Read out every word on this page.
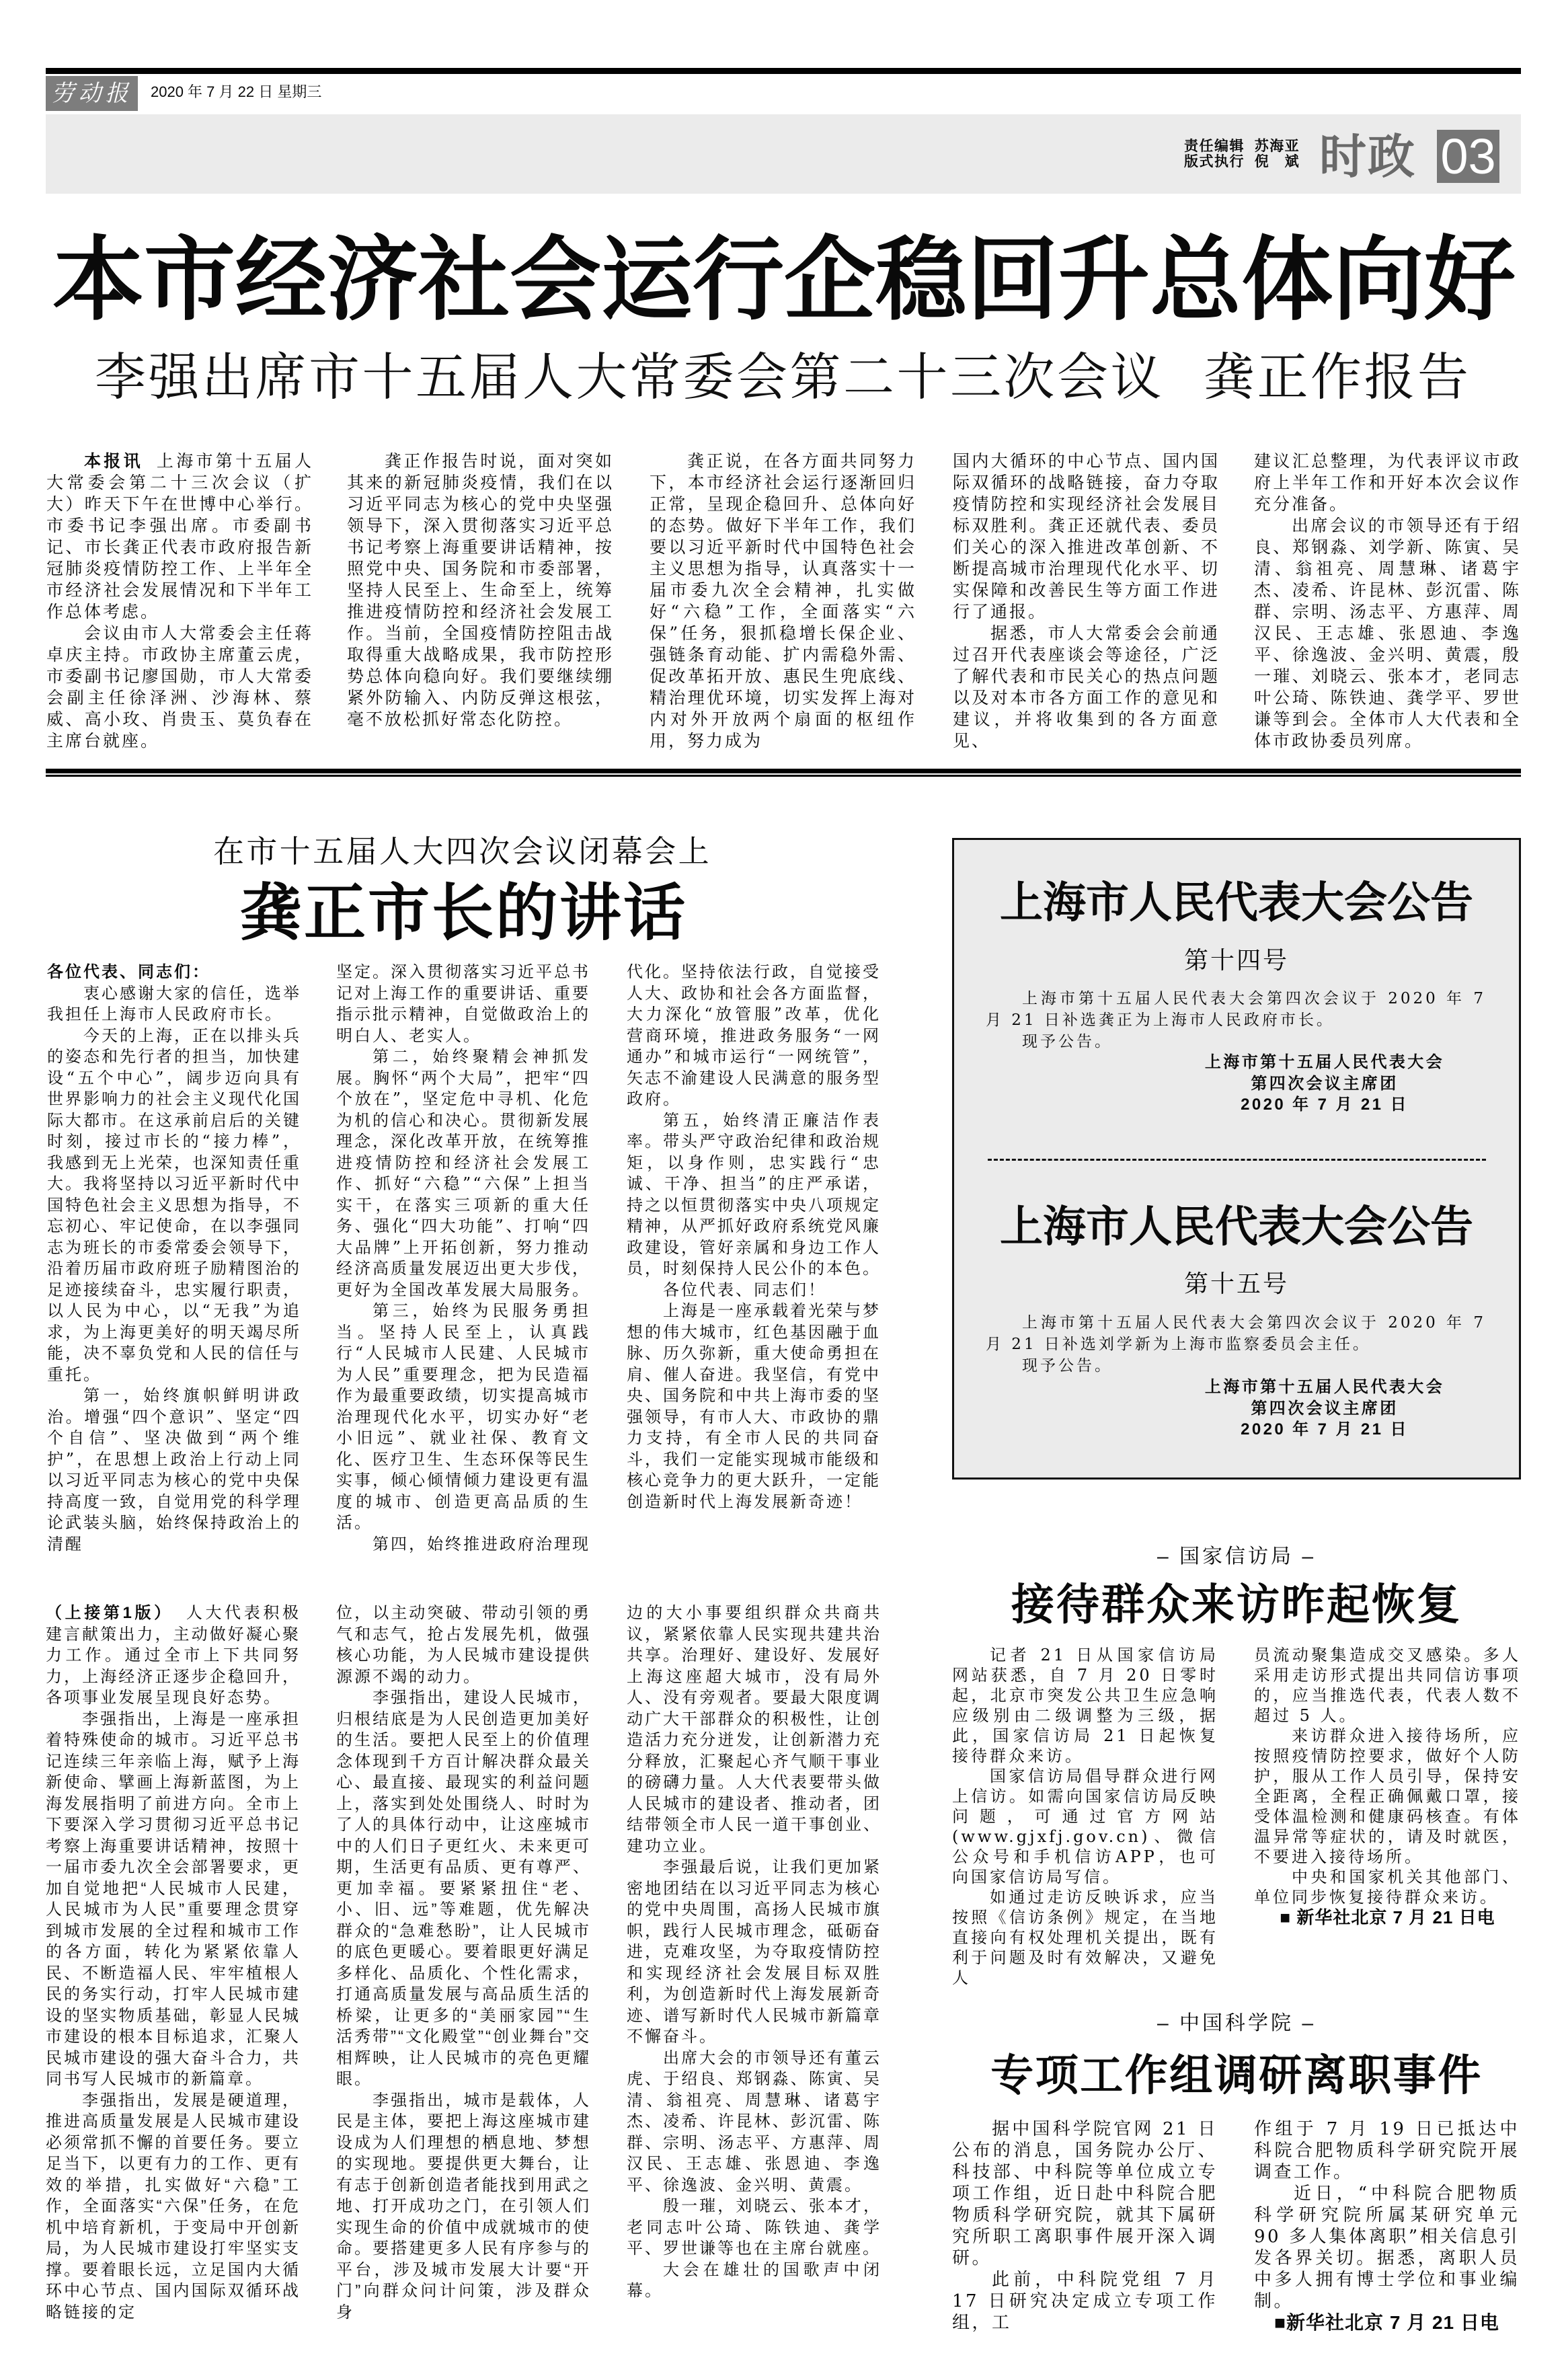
劳动报	2020 年 7 月 22 日 星期三
责任编辑 苏海亚
版式执行 倪　斌 时政 03
本市经济社会运行企稳回升总体向好
李强出席市十五届人大常委会第二十三次会议 龚正作报告

本报讯 上海市第十五届人大常委会第二十三次会议（扩大）昨天下午在世博中心举行。市委书记李强出席。市委副书记、市长龚正代表市政府报告新冠肺炎疫情防控工作、上半年全市经济社会发展情况和下半年工作总体考虑。

会议由市人大常委会主任蒋卓庆主持。市政协主席董云虎，市委副书记廖国勋，市人大常委会副主任徐泽洲、沙海林、蔡威、高小玫、肖贵玉、莫负春在主席台就座。

龚正作报告时说，面对突如其来的新冠肺炎疫情，我们在以习近平同志为核心的党中央坚强领导下，深入贯彻落实习近平总书记考察上海重要讲话精神，按照党中央、国务院和市委部署，坚持人民至上、生命至上，统筹推进疫情防控和经济社会发展工作。当前，全国疫情防控阻击战取得重大战略成果，我市防控形势总体向稳向好。我们要继续绷紧外防输入、内防反弹这根弦，毫不放松抓好常态化防控。

龚正说，在各方面共同努力下，本市经济社会运行逐渐回归正常，呈现企稳回升、总体向好的态势。做好下半年工作，我们要以习近平新时代中国特色社会主义思想为指导，认真落实十一届市委九次全会精神，扎实做好“六稳”工作，全面落实“六保”任务，狠抓稳增长保企业、强链条育动能、扩内需稳外需、促改革拓开放、惠民生兜底线、精治理优环境，切实发挥上海对内对外开放两个扇面的枢纽作用，努力成为

国内大循环的中心节点、国内国际双循环的战略链接，奋力夺取疫情防控和实现经济社会发展目标双胜利。龚正还就代表、委员们关心的深入推进改革创新、不断提高城市治理现代化水平、切实保障和改善民生等方面工作进行了通报。

据悉，市人大常委会会前通过召开代表座谈会等途径，广泛了解代表和市民关心的热点问题以及对本市各方面工作的意见和建议，并将收集到的各方面意见、

建议汇总整理，为代表评议市政府上半年工作和开好本次会议作充分准备。

出席会议的市领导还有于绍良、郑钢淼、刘学新、陈寅、吴清、翁祖亮、周慧琳、诸葛宇杰、凌希、许昆林、彭沉雷、陈群、宗明、汤志平、方惠萍、周汉民、王志雄、张恩迪、李逸平、徐逸波、金兴明、黄震，殷一璀、刘晓云、张本才，老同志叶公琦、陈铁迪、龚学平、罗世谦等到会。全体市人大代表和全体市政协委员列席。

在市十五届人大四次会议闭幕会上
龚正市长的讲话

各位代表、同志们：

衷心感谢大家的信任，选举我担任上海市人民政府市长。

今天的上海，正在以排头兵的姿态和先行者的担当，加快建设“五个中心”，阔步迈向具有世界影响力的社会主义现代化国际大都市。在这承前启后的关键时刻，接过市长的“接力棒”，我感到无上光荣，也深知责任重大。我将坚持以习近平新时代中国特色社会主义思想为指导，不忘初心、牢记使命，在以李强同志为班长的市委常委会领导下，沿着历届市政府班子励精图治的足迹接续奋斗，忠实履行职责，以人民为中心，以“无我”为追求，为上海更美好的明天竭尽所能，决不辜负党和人民的信任与重托。

第一，始终旗帜鲜明讲政治。增强“四个意识”、坚定“四个自信”、坚决做到“两个维护”，在思想上政治上行动上同以习近平同志为核心的党中央保持高度一致，自觉用党的科学理论武装头脑，始终保持政治上的清醒

坚定。深入贯彻落实习近平总书记对上海工作的重要讲话、重要指示批示精神，自觉做政治上的明白人、老实人。

第二，始终聚精会神抓发展。胸怀“两个大局”，把牢“四个放在”，坚定危中寻机、化危为机的信心和决心。贯彻新发展理念，深化改革开放，在统筹推进疫情防控和经济社会发展工作、抓好“六稳”“六保”上担当实干，在落实三项新的重大任务、强化“四大功能”、打响“四大品牌”上开拓创新，努力推动经济高质量发展迈出更大步伐，更好为全国改革发展大局服务。

第三，始终为民服务勇担当。坚持人民至上，认真践行“人民城市人民建、人民城市为人民”重要理念，把为民造福作为最重要政绩，切实提高城市治理现代化水平，切实办好“老小旧远”、就业社保、教育文化、医疗卫生、生态环保等民生实事，倾心倾情倾力建设更有温度的城市、创造更高品质的生活。

第四，始终推进政府治理现

代化。坚持依法行政，自觉接受人大、政协和社会各方面监督，大力深化“放管服”改革，优化营商环境，推进政务服务“一网通办”和城市运行“一网统管”，矢志不渝建设人民满意的服务型政府。

第五，始终清正廉洁作表率。带头严守政治纪律和政治规矩，以身作则，忠实践行“忠诚、干净、担当”的庄严承诺，持之以恒贯彻落实中央八项规定精神，从严抓好政府系统党风廉政建设，管好亲属和身边工作人员，时刻保持人民公仆的本色。

各位代表、同志们！

上海是一座承载着光荣与梦想的伟大城市，红色基因融于血脉、历久弥新，重大使命勇担在肩、催人奋进。我坚信，有党中央、国务院和中共上海市委的坚强领导，有市人大、市政协的鼎力支持，有全市人民的共同奋斗，我们一定能实现城市能级和核心竞争力的更大跃升，一定能创造新时代上海发展新奇迹！

上海市人民代表大会公告
第十四号

上海市第十五届人民代表大会第四次会议于 2020 年 7 月 21 日补选龚正为上海市人民政府市长。

现予公告。

上海市第十五届人民代表大会
第四次会议主席团
2020 年 7 月 21 日
上海市人民代表大会公告
第十五号

上海市第十五届人民代表大会第四次会议于 2020 年 7 月 21 日补选刘学新为上海市监察委员会主任。

现予公告。

上海市第十五届人民代表大会
第四次会议主席团
2020 年 7 月 21 日
– 国家信访局 –
接待群众来访昨起恢复

记者 21 日从国家信访局网站获悉，自 7 月 20 日零时起，北京市突发公共卫生应急响应级别由二级调整为三级，据此，国家信访局 21 日起恢复接待群众来访。

国家信访局倡导群众进行网上信访。如需向国家信访局反映问题，可通过官方网站(www.gjxfj.gov.cn)、微信公众号和手机信访APP，也可向国家信访局写信。

如通过走访反映诉求，应当按照《信访条例》规定，在当地直接向有权处理机关提出，既有利于问题及时有效解决，又避免人

员流动聚集造成交叉感染。多人采用走访形式提出共同信访事项的，应当推选代表，代表人数不超过 5 人。

来访群众进入接待场所，应按照疫情防控要求，做好个人防护，服从工作人员引导，保持安全距离，全程正确佩戴口罩，接受体温检测和健康码核查。有体温异常等症状的，请及时就医，不要进入接待场所。

中央和国家机关其他部门、单位同步恢复接待群众来访。

■ 新华社北京 7 月 21 日电

– 中国科学院 –
专项工作组调研离职事件

据中国科学院官网 21 日公布的消息，国务院办公厅、科技部、中科院等单位成立专项工作组，近日赴中科院合肥物质科学研究院，就其下属研究所职工离职事件展开深入调研。

此前，中科院党组 7 月 17 日研究决定成立专项工作组，工

作组于 7 月 19 日已抵达中科院合肥物质科学研究院开展调查工作。

近日，“中科院合肥物质科学研究院所属某研究单元 90 多人集体离职”相关信息引发各界关切。据悉，离职人员中多人拥有博士学位和事业编制。

■新华社北京 7 月 21 日电

（上接第1版） 人大代表积极建言献策出力，主动做好凝心聚力工作。通过全市上下共同努力，上海经济正逐步企稳回升，各项事业发展呈现良好态势。

李强指出，上海是一座承担着特殊使命的城市。习近平总书记连续三年亲临上海，赋予上海新使命、擘画上海新蓝图，为上海发展指明了前进方向。全市上下要深入学习贯彻习近平总书记考察上海重要讲话精神，按照十一届市委九次全会部署要求，更加自觉地把“人民城市人民建，人民城市为人民”重要理念贯穿到城市发展的全过程和城市工作的各方面，转化为紧紧依靠人民、不断造福人民、牢牢植根人民的务实行动，打牢人民城市建设的坚实物质基础，彰显人民城市建设的根本目标追求，汇聚人民城市建设的强大奋斗合力，共同书写人民城市的新篇章。

李强指出，发展是硬道理，推进高质量发展是人民城市建设必须常抓不懈的首要任务。要立足当下，以更有力的工作、更有效的举措，扎实做好“六稳”工作，全面落实“六保”任务，在危机中培育新机，于变局中开创新局，为人民城市建设打牢坚实支撑。要着眼长远，立足国内大循环中心节点、国内国际双循环战略链接的定

位，以主动突破、带动引领的勇气和志气，抢占发展先机，做强核心功能，为人民城市建设提供源源不竭的动力。

李强指出，建设人民城市，归根结底是为人民创造更加美好的生活。要把人民至上的价值理念体现到千方百计解决群众最关心、最直接、最现实的利益问题上，落实到处处围绕人、时时为了人的具体行动中，让这座城市中的人们日子更红火、未来更可期，生活更有品质、更有尊严、更加幸福。要紧紧扭住“老、小、旧、远”等难题，优先解决群众的“急难愁盼”，让人民城市的底色更暖心。要着眼更好满足多样化、品质化、个性化需求，打通高质量发展与高品质生活的桥梁，让更多的“美丽家园”“生活秀带”“文化殿堂”“创业舞台”交相辉映，让人民城市的亮色更耀眼。

李强指出，城市是载体，人民是主体，要把上海这座城市建设成为人们理想的栖息地、梦想的实现地。要提供更大舞台，让有志于创新创造者能找到用武之地、打开成功之门，在引领人们实现生命的价值中成就城市的使命。要搭建更多人民有序参与的平台，涉及城市发展大计要“开门”向群众问计问策，涉及群众身

边的大小事要组织群众共商共议，紧紧依靠人民实现共建共治共享。治理好、建设好、发展好上海这座超大城市，没有局外人、没有旁观者。要最大限度调动广大干部群众的积极性，让创造活力充分迸发，让创新潜力充分释放，汇聚起心齐气顺干事业的磅礴力量。人大代表要带头做人民城市的建设者、推动者，团结带领全市人民一道干事创业、建功立业。

李强最后说，让我们更加紧密地团结在以习近平同志为核心的党中央周围，高扬人民城市旗帜，践行人民城市理念，砥砺奋进，克难攻坚，为夺取疫情防控和实现经济社会发展目标双胜利，为创造新时代上海发展新奇迹、谱写新时代人民城市新篇章不懈奋斗。

出席大会的市领导还有董云虎、于绍良、郑钢淼、陈寅、吴清、翁祖亮、周慧琳、诸葛宇杰、凌希、许昆林、彭沉雷、陈群、宗明、汤志平、方惠萍、周汉民、王志雄、张恩迪、李逸平、徐逸波、金兴明、黄震。

殷一璀，刘晓云、张本才，老同志叶公琦、陈铁迪、龚学平、罗世谦等也在主席台就座。

大会在雄壮的国歌声中闭幕。
